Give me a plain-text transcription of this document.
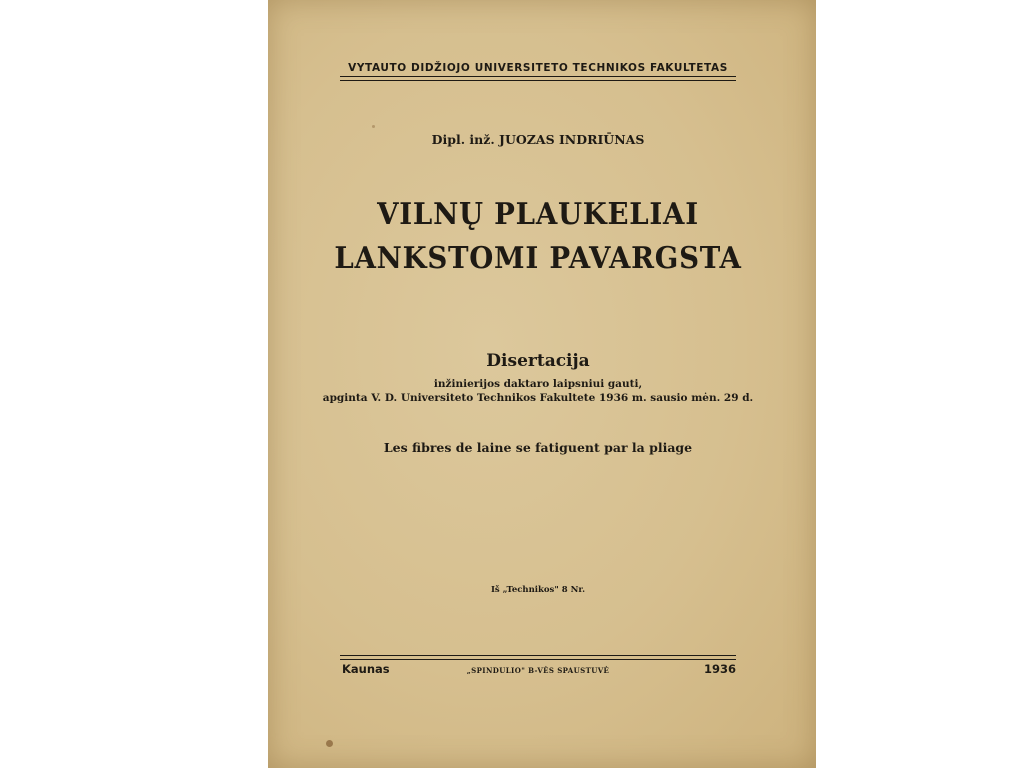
VYTAUTO DIDŽIOJO UNIVERSITETO TECHNIKOS FAKULTETAS
Dipl. inž. JUOZAS INDRIŪNAS
VILNŲ PLAUKELIAI
LANKSTOMI PAVARGSTA
Disertacija
inžinierijos daktaro laipsniui gauti,
apginta V. D. Universiteto Technikos Fakultete 1936 m. sausio mėn. 29 d.
Les fibres de laine se fatiguent par la pliage
Iš „Technikos" 8 Nr.
Kaunas	„SPINDULIO" B-VĖS SPAUSTUVĖ	1936
